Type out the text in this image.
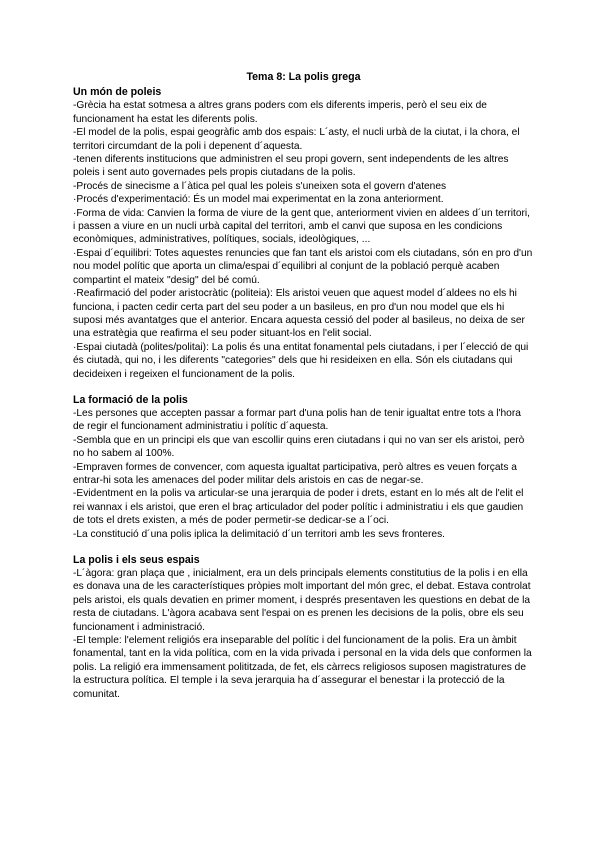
Tema 8: La polis grega

Un món de poleis

-Grècia ha estat sotmesa a altres grans poders com els diferents imperis, però el seu eix de funcionament ha estat les diferents polis.

-El model de la polis, espai geogràfic amb dos espais: L´asty, el nucli urbà de la ciutat, i la chora, el territori circumdant de la poli i depenent d´aquesta.

-tenen diferents institucions que administren el seu propi govern, sent independents de les altres poleis i sent auto governades pels propis ciutadans de la polis.

-Procés de sinecisme a l´àtica pel qual les poleis s'uneixen sota el govern d'atenes

·Procés d'experimentació: És un model mai experimentat en la zona anteriorment.

·Forma de vida: Canvien la forma de viure de la gent que, anteriorment vivien en aldees d´un territori, i passen a viure en un nucli urbà capital del territori, amb el canvi que suposa en les condicions econòmiques, administratives, polítiques, socials, ideològiques, ...

·Espai d´equilibri: Totes aquestes renuncies que fan tant els aristoi com els ciutadans, són en pro d'un nou model polític que aporta un clima/espai d´equilibri al conjunt de la població perquè acaben compartint el mateix "desig" del bé comú.

·Reafirmació del poder aristocràtic (politeia): Els aristoi veuen que aquest model d´aldees no els hi funciona, i pacten cedir certa part del seu poder a un basileus, en pro d'un nou model que els hi suposi més avantatges que el anterior. Encara aquesta cessió del poder al basileus, no deixa de ser una estratègia que reafirma el seu poder situant-los en l'elit social.

·Espai ciutadà (polites/politai): La polis és una entitat fonamental pels ciutadans, i per l´elecció de qui és ciutadà, qui no, i les diferents "categories" dels que hi resideixen en ella. Són els ciutadans qui decideixen i regeixen el funcionament de la polis.

La formació de la polis

-Les persones que accepten passar a formar part d'una polis han de tenir igualtat entre tots a l'hora de regir el funcionament administratiu i polític d´aquesta.

-Sembla que en un principi els que van escollir quins eren ciutadans i qui no van ser els aristoi, però no ho sabem al 100%.

-Empraven formes de convencer, com aquesta igualtat participativa, però altres es veuen forçats a entrar-hi sota les amenaces del poder militar dels aristois en cas de negar-se.

-Evidentment en la polis va articular-se una jerarquia de poder i drets, estant en lo més alt de l'elit el rei wannax i els aristoi, que eren el braç articulador del poder polític i administratiu i els que gaudien de tots el drets existen, a més de poder permetir-se dedicar-se a l´oci.

-La constitució d´una polis iplica la delimitació d´un territori amb les sevs fronteres.

La polis i els seus espais

-L´àgora: gran plaça que , inicialment, era un dels principals elements constitutius de la polis i en ella es donava una de les característiques pròpies molt important del món grec, el debat. Estava controlat pels aristoi, els quals devatien en primer moment, i després presentaven les questions en debat de la resta de ciutadans. L'àgora acabava sent l'espai on es prenen les decisions de la polis, obre els seu funcionament i administració.

-El temple: l'element religiós era inseparable del polític i del funcionament de la polis. Era un àmbit fonamental, tant en la vida política, com en la vida privada i personal en la vida dels que conformen la polis. La religió era immensament polititzada, de fet, els càrrecs religiosos suposen magistratures de la estructura política. El temple i la seva jerarquia ha d´assegurar el benestar i la protecció de la comunitat.
